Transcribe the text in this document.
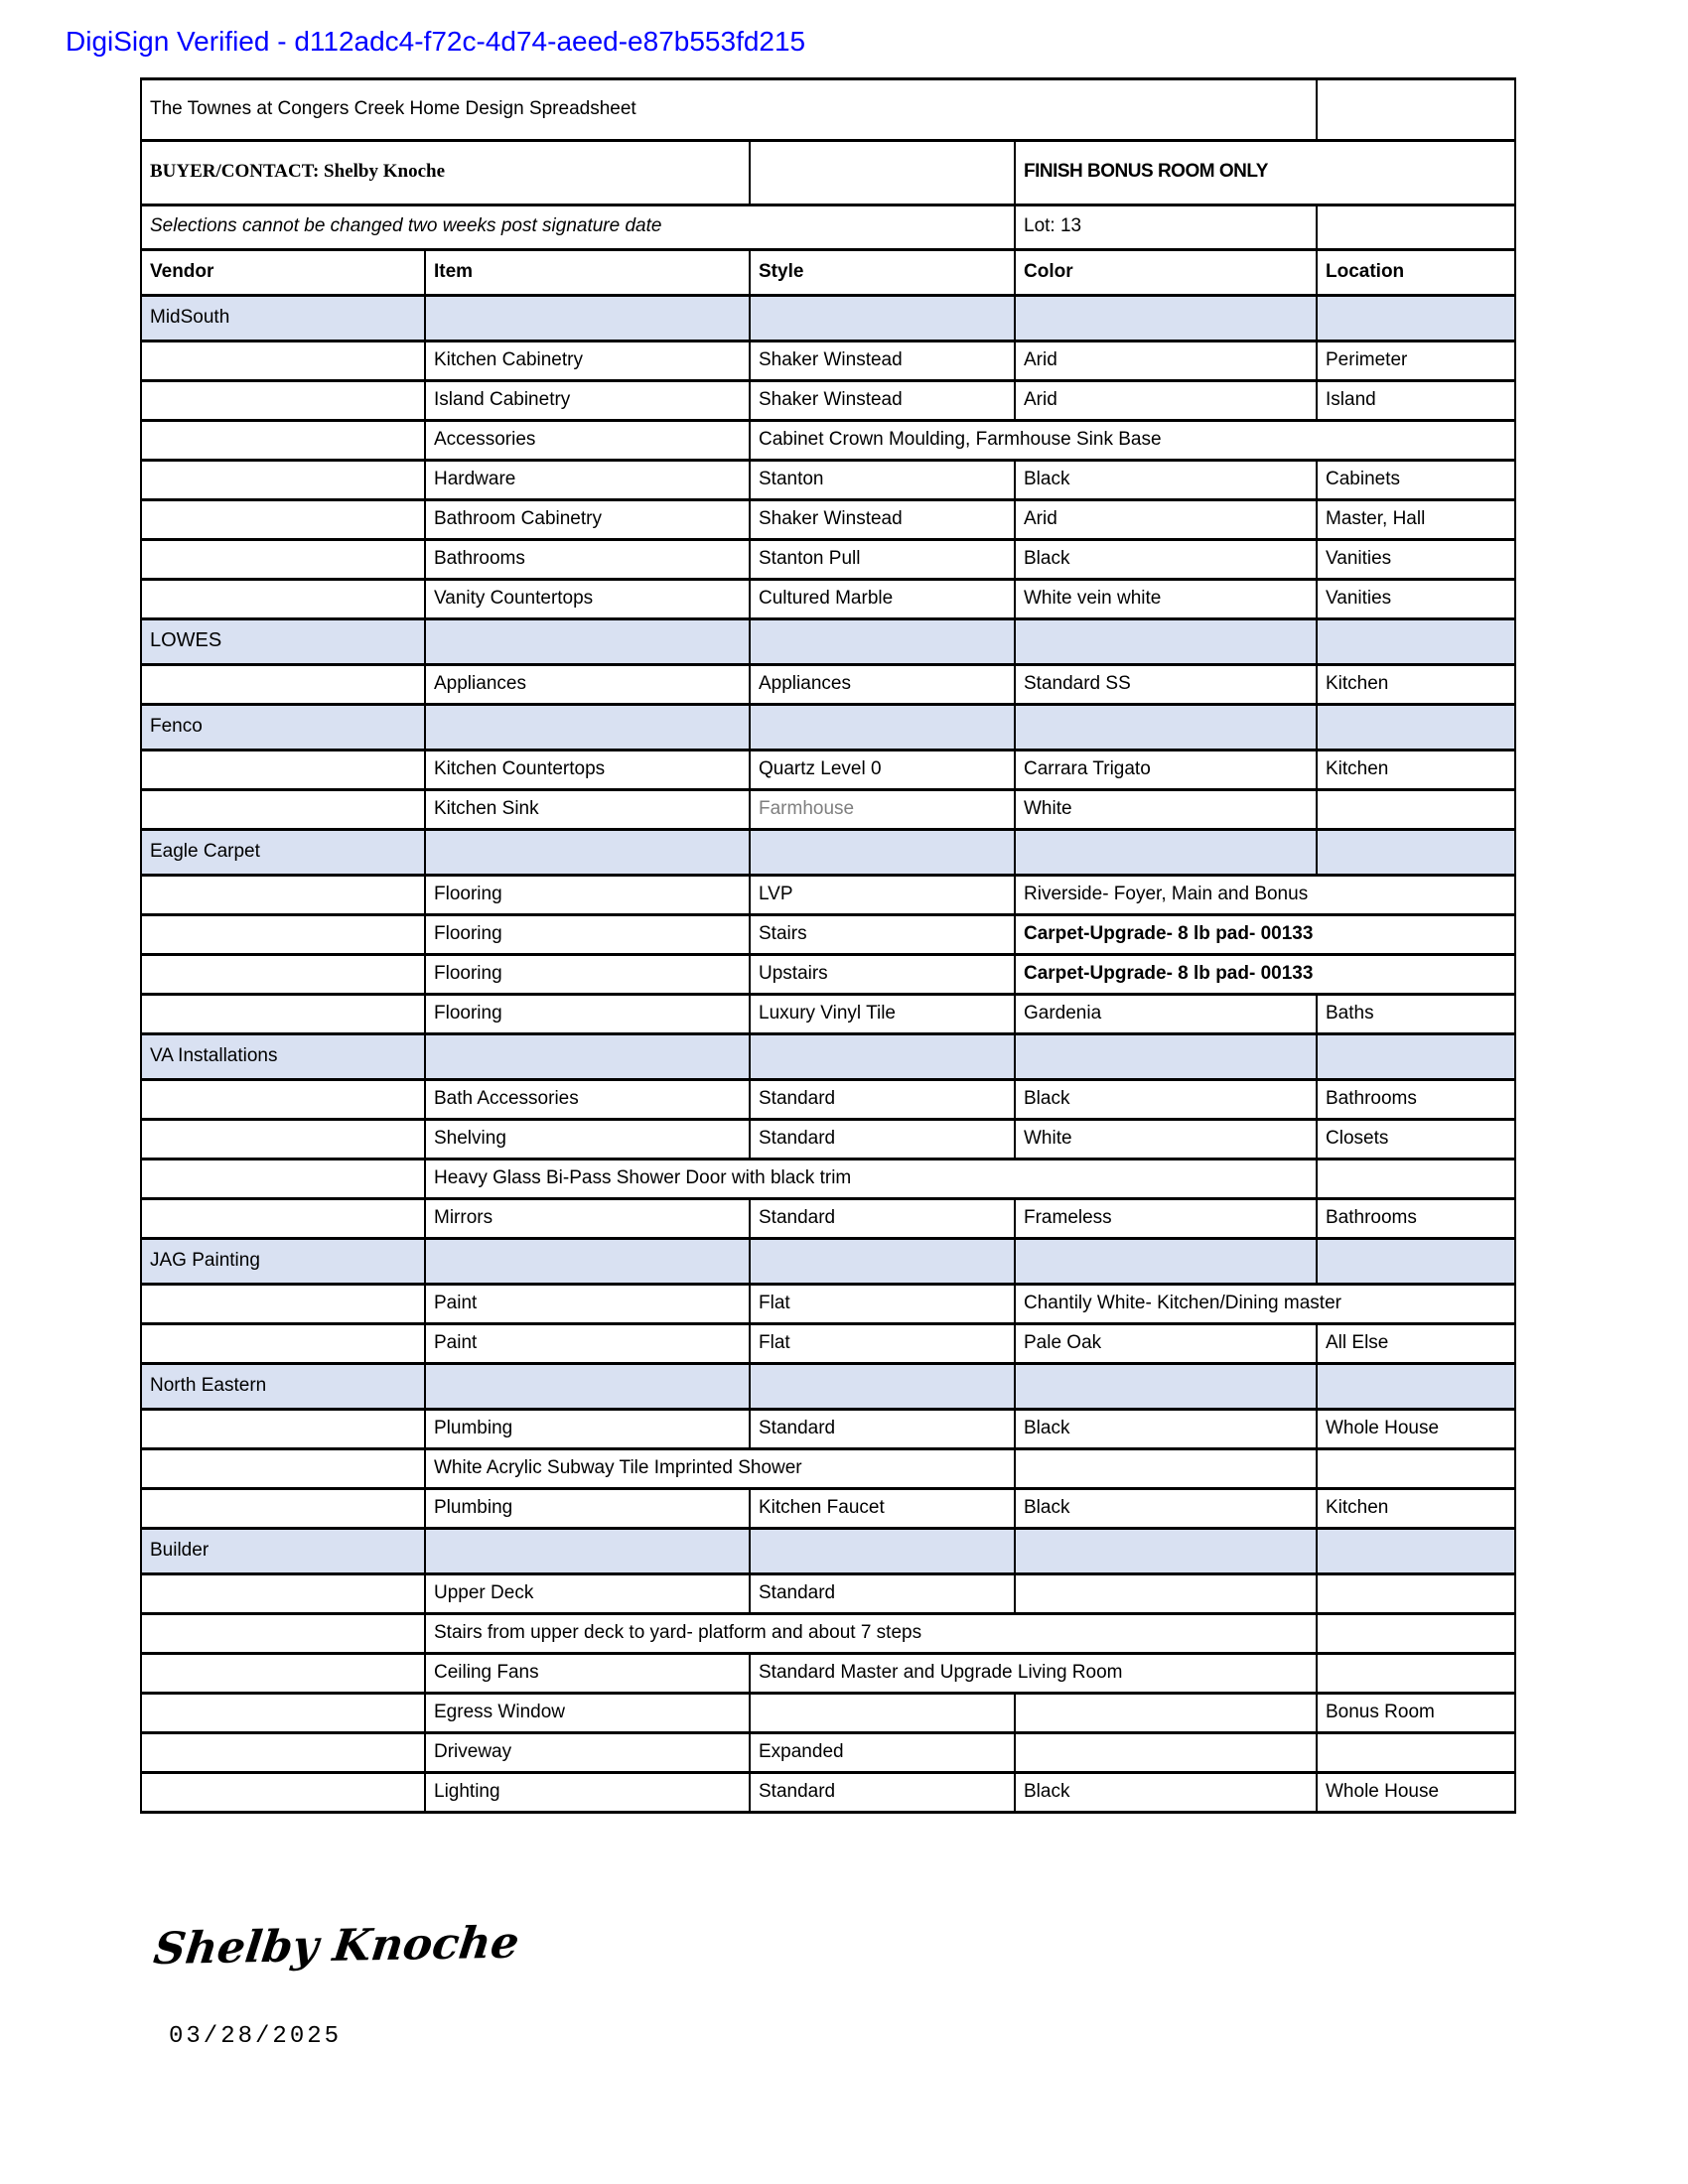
DigiSign Verified - d112adc4-f72c-4d74-aeed-e87b553fd215
The Townes at Congers Creek Home Design Spreadsheet				
BUYER/CONTACT: Shelby Knoche			FINISH BONUS ROOM ONLY	
Selections cannot be changed two weeks post signature date			Lot: 13	
Vendor	Item	Style	Color	Location
MidSouth				
	Kitchen Cabinetry	Shaker Winstead	Arid	Perimeter
	Island Cabinetry	Shaker Winstead	Arid	Island
	Accessories	Cabinet Crown Moulding, Farmhouse Sink Base		
	Hardware	Stanton	Black	Cabinets
	Bathroom Cabinetry	Shaker Winstead	Arid	Master, Hall
	Bathrooms	Stanton Pull	Black	Vanities
	Vanity Countertops	Cultured Marble	White vein white	Vanities
LOWES				
	Appliances	Appliances	Standard SS	Kitchen
Fenco				
	Kitchen Countertops	Quartz Level 0	Carrara Trigato	Kitchen
	Kitchen Sink	Farmhouse	White	
Eagle Carpet				
	Flooring	LVP	Riverside- Foyer, Main and Bonus	
	Flooring	Stairs	Carpet-Upgrade- 8 lb pad- 00133	
	Flooring	Upstairs	Carpet-Upgrade- 8 lb pad- 00133	
	Flooring	Luxury Vinyl Tile	Gardenia	Baths
VA Installations				
	Bath Accessories	Standard	Black	Bathrooms
	Shelving	Standard	White	Closets
	Heavy Glass Bi-Pass Shower Door with black trim			
	Mirrors	Standard	Frameless	Bathrooms
JAG Painting				
	Paint	Flat	Chantily White- Kitchen/Dining master	
	Paint	Flat	Pale Oak	All Else
North Eastern				
	Plumbing	Standard	Black	Whole House
	White Acrylic Subway Tile Imprinted Shower			
	Plumbing	Kitchen Faucet	Black	Kitchen
Builder				
	Upper Deck	Standard		
	Stairs from upper deck to yard- platform and about 7 steps			
	Ceiling Fans	Standard Master and Upgrade Living Room		
	Egress Window			Bonus Room
	Driveway	Expanded		
	Lighting	Standard	Black	Whole House
Shelby Knoche
03/28/2025
